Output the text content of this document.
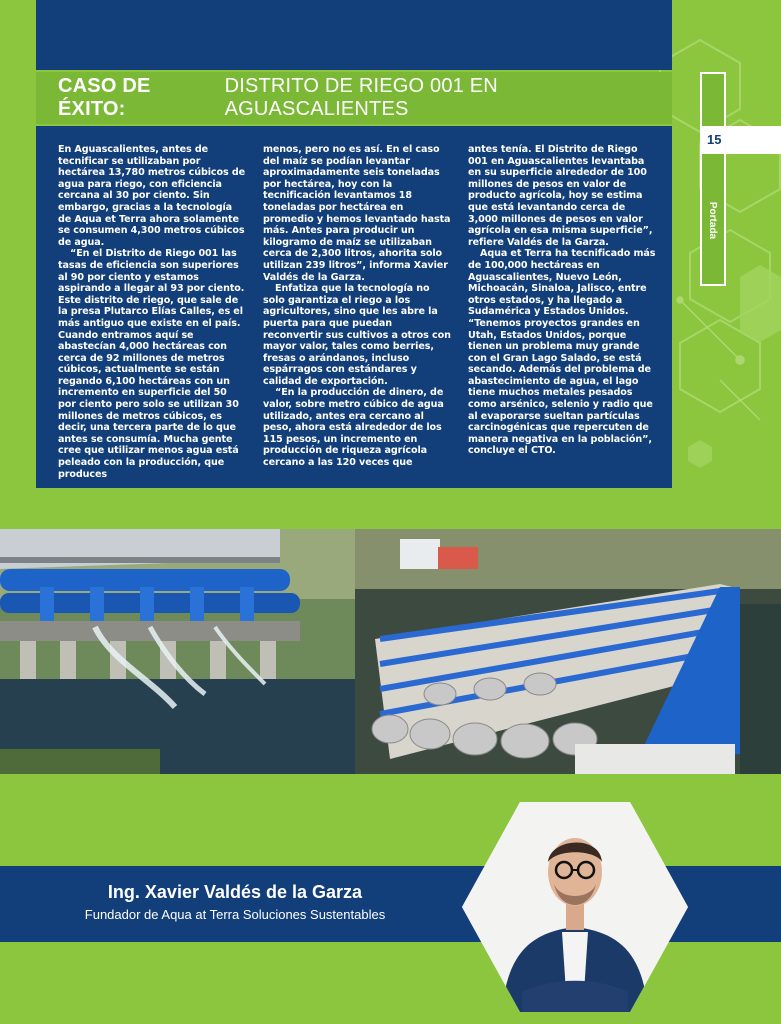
CASO DE ÉXITO:
DISTRITO DE RIEGO 001 EN AGUASCALIENTES

En Aguascalientes, antes de tecnificar se utilizaban por hectárea 13,780 metros cúbicos de agua para riego, con eficiencia cercana al 30 por ciento. Sin embargo, gracias a la tecnología de Aqua et Terra ahora solamente se consumen 4,300 metros cúbicos de agua.

“En el Distrito de Riego 001 las tasas de eficiencia son superiores al 90 por ciento y estamos aspirando a llegar al 93 por ciento. Este distrito de riego, que sale de la presa Plutarco Elías Calles, es el más antiguo que existe en el país. Cuando entramos aquí se abastecían 4,000 hectáreas con cerca de 92 millones de metros cúbicos, actualmente se están regando 6,100 hectáreas con un incremento en superficie del 50 por ciento pero solo se utilizan 30 millones de metros cúbicos, es decir, una tercera parte de lo que antes se consumía. Mucha gente cree que utilizar menos agua está peleado con la producción, que produces

menos, pero no es así. En el caso del maíz se podían levantar aproximadamente seis toneladas por hectárea, hoy con la tecnificación levantamos 18 toneladas por hectárea en promedio y hemos levantado hasta más. Antes para producir un kilogramo de maíz se utilizaban cerca de 2,300 litros, ahorita solo utilizan 239 litros”, informa Xavier Valdés de la Garza.

Enfatiza que la tecnología no solo garantiza el riego a los agricultores, sino que les abre la puerta para que puedan reconvertir sus cultivos a otros con mayor valor, tales como berries, fresas o arándanos, incluso espárragos con estándares y calidad de exportación.

“En la producción de dinero, de valor, sobre metro cúbico de agua utilizado, antes era cercano al peso, ahora está alrededor de los 115 pesos, un incremento en producción de riqueza agrícola cercano a las 120 veces que

antes tenía. El Distrito de Riego 001 en Aguascalientes levantaba en su superficie alrededor de 100 millones de pesos en valor de producto agrícola, hoy se estima que está levantando cerca de 3,000 millones de pesos en valor agrícola en esa misma superficie”, refiere Valdés de la Garza.

Aqua et Terra ha tecnificado más de 100,000 hectáreas en Aguascalientes, Nuevo León, Michoacán, Sinaloa, Jalisco, entre otros estados, y ha llegado a Sudamérica y Estados Unidos. “Tenemos proyectos grandes en Utah, Estados Unidos, porque tienen un problema muy grande con el Gran Lago Salado, se está secando. Además del problema de abastecimiento de agua, el lago tiene muchos metales pesados como arsénico, selenio y radio que al evaporarse sueltan partículas carcinogénicas que repercuten de manera negativa en la población”, concluye el CTO.

15
Portada
Ing. Xavier Valdés de la Garza
Fundador de Aqua at Terra Soluciones Sustentables
